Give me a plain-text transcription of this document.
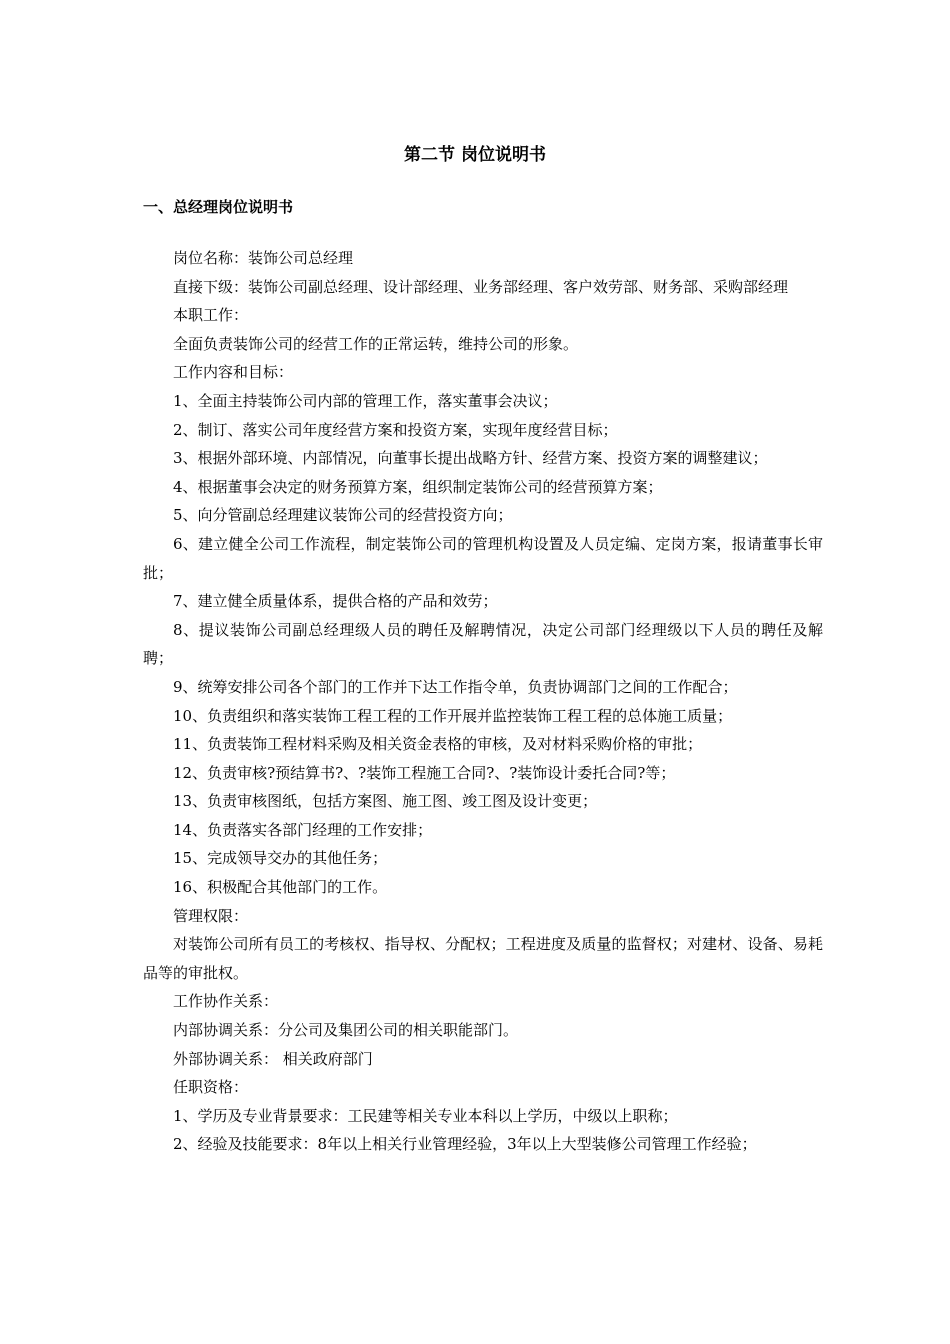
第二节 岗位说明书
一、总经理岗位说明书

岗位名称：装饰公司总经理

直接下级：装饰公司副总经理、设计部经理、业务部经理、客户效劳部、财务部、采购部经理

本职工作：

全面负责装饰公司的经营工作的正常运转，维持公司的形象。

工作内容和目标：

1、全面主持装饰公司内部的管理工作，落实董事会决议；

2、制订、落实公司年度经营方案和投资方案，实现年度经营目标；

3、根据外部环境、内部情况，向董事长提出战略方针、经营方案、投资方案的调整建议；

4、根据董事会决定的财务预算方案，组织制定装饰公司的经营预算方案；

5、向分管副总经理建议装饰公司的经营投资方向；

6、建立健全公司工作流程，制定装饰公司的管理机构设置及人员定编、定岗方案，报请董事长审批；

7、建立健全质量体系，提供合格的产品和效劳；

8、提议装饰公司副总经理级人员的聘任及解聘情况，决定公司部门经理级以下人员的聘任及解聘；

9、统筹安排公司各个部门的工作并下达工作指令单，负责协调部门之间的工作配合；

10、负责组织和落实装饰工程工程的工作开展并监控装饰工程工程的总体施工质量；

11、负责装饰工程材料采购及相关资金表格的审核，及对材料采购价格的审批；

12、负责审核?预结算书?、?装饰工程施工合同?、?装饰设计委托合同?等；

13、负责审核图纸，包括方案图、施工图、竣工图及设计变更；

14、负责落实各部门经理的工作安排；

15、完成领导交办的其他任务；

16、积极配合其他部门的工作。

管理权限：

对装饰公司所有员工的考核权、指导权、分配权；工程进度及质量的监督权；对建材、设备、易耗品等的审批权。

工作协作关系：

内部协调关系：分公司及集团公司的相关职能部门。

外部协调关系： 相关政府部门

任职资格：

1、学历及专业背景要求：工民建等相关专业本科以上学历，中级以上职称；

2、经验及技能要求：8年以上相关行业管理经验，3年以上大型装修公司管理工作经验；
